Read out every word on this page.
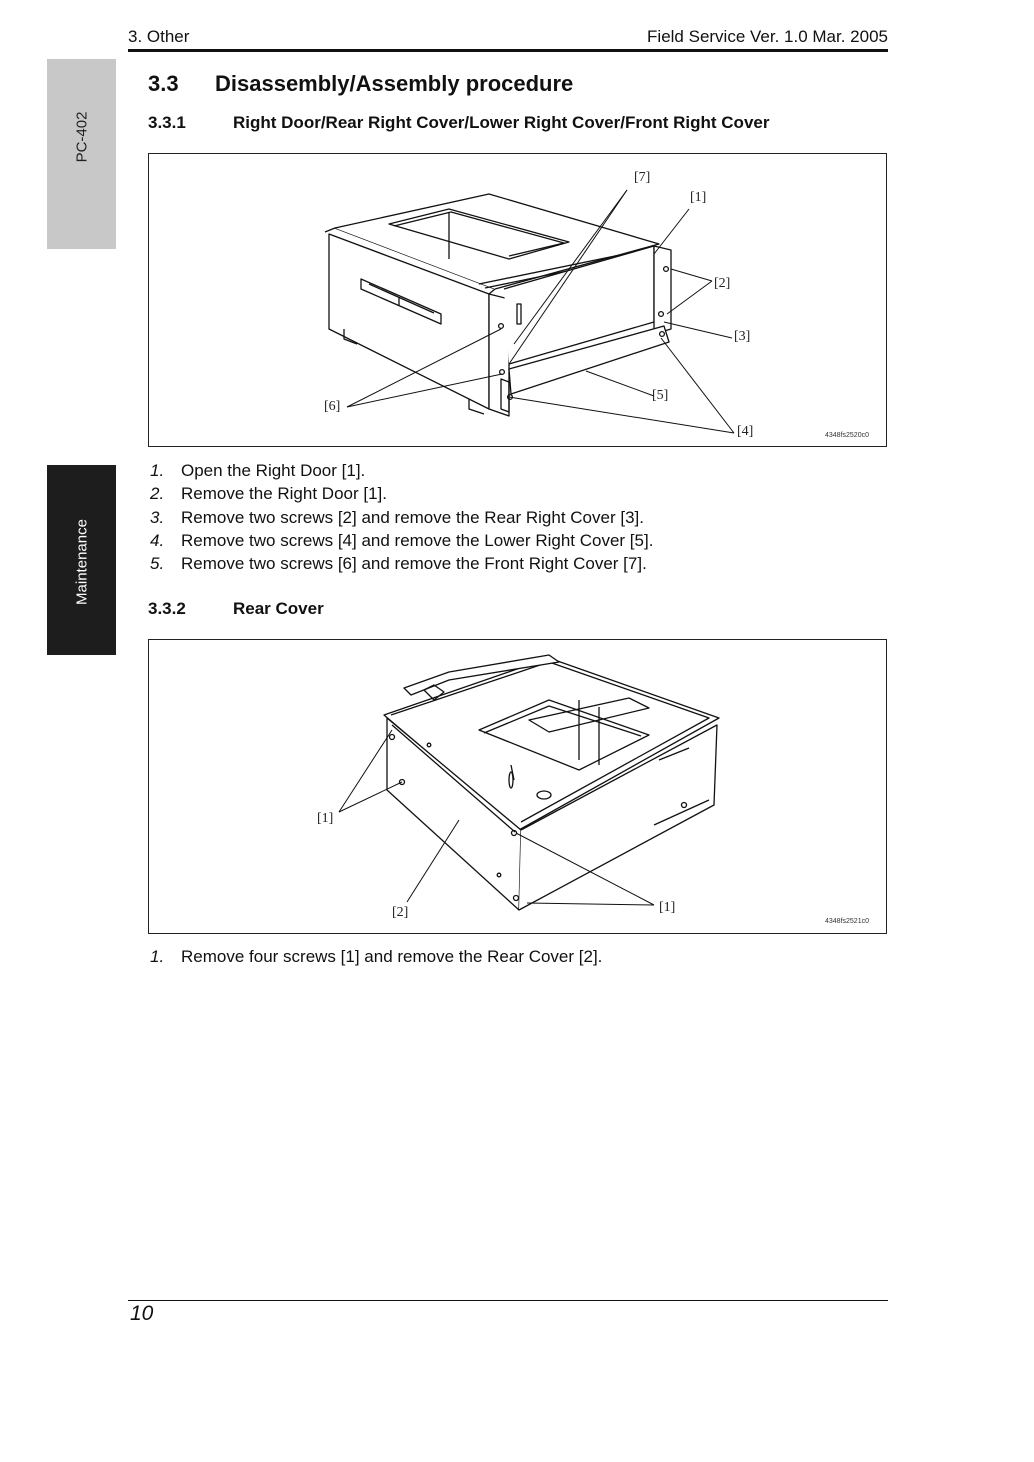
3. Other	Field Service Ver. 1.0 Mar. 2005
PC-402
Maintenance
3.3 Disassembly/Assembly procedure
3.3.1	Right Door/Rear Right Cover/Lower Right Cover/Front Right Cover
[7]
[1]
[2]
[3]
[5]
[6]
[4]	4348fs2520c0
1. Open the Right Door [1].
2. Remove the Right Door [1].
3. Remove two screws [2] and remove the Rear Right Cover [3].
4. Remove two screws [4] and remove the Lower Right Cover [5].
5. Remove two screws [6] and remove the Front Right Cover [7].
3.3.2	Rear Cover
[1]
[2]	[1]
4348fs2521c0
1. Remove four screws [1] and remove the Rear Cover [2].
10
